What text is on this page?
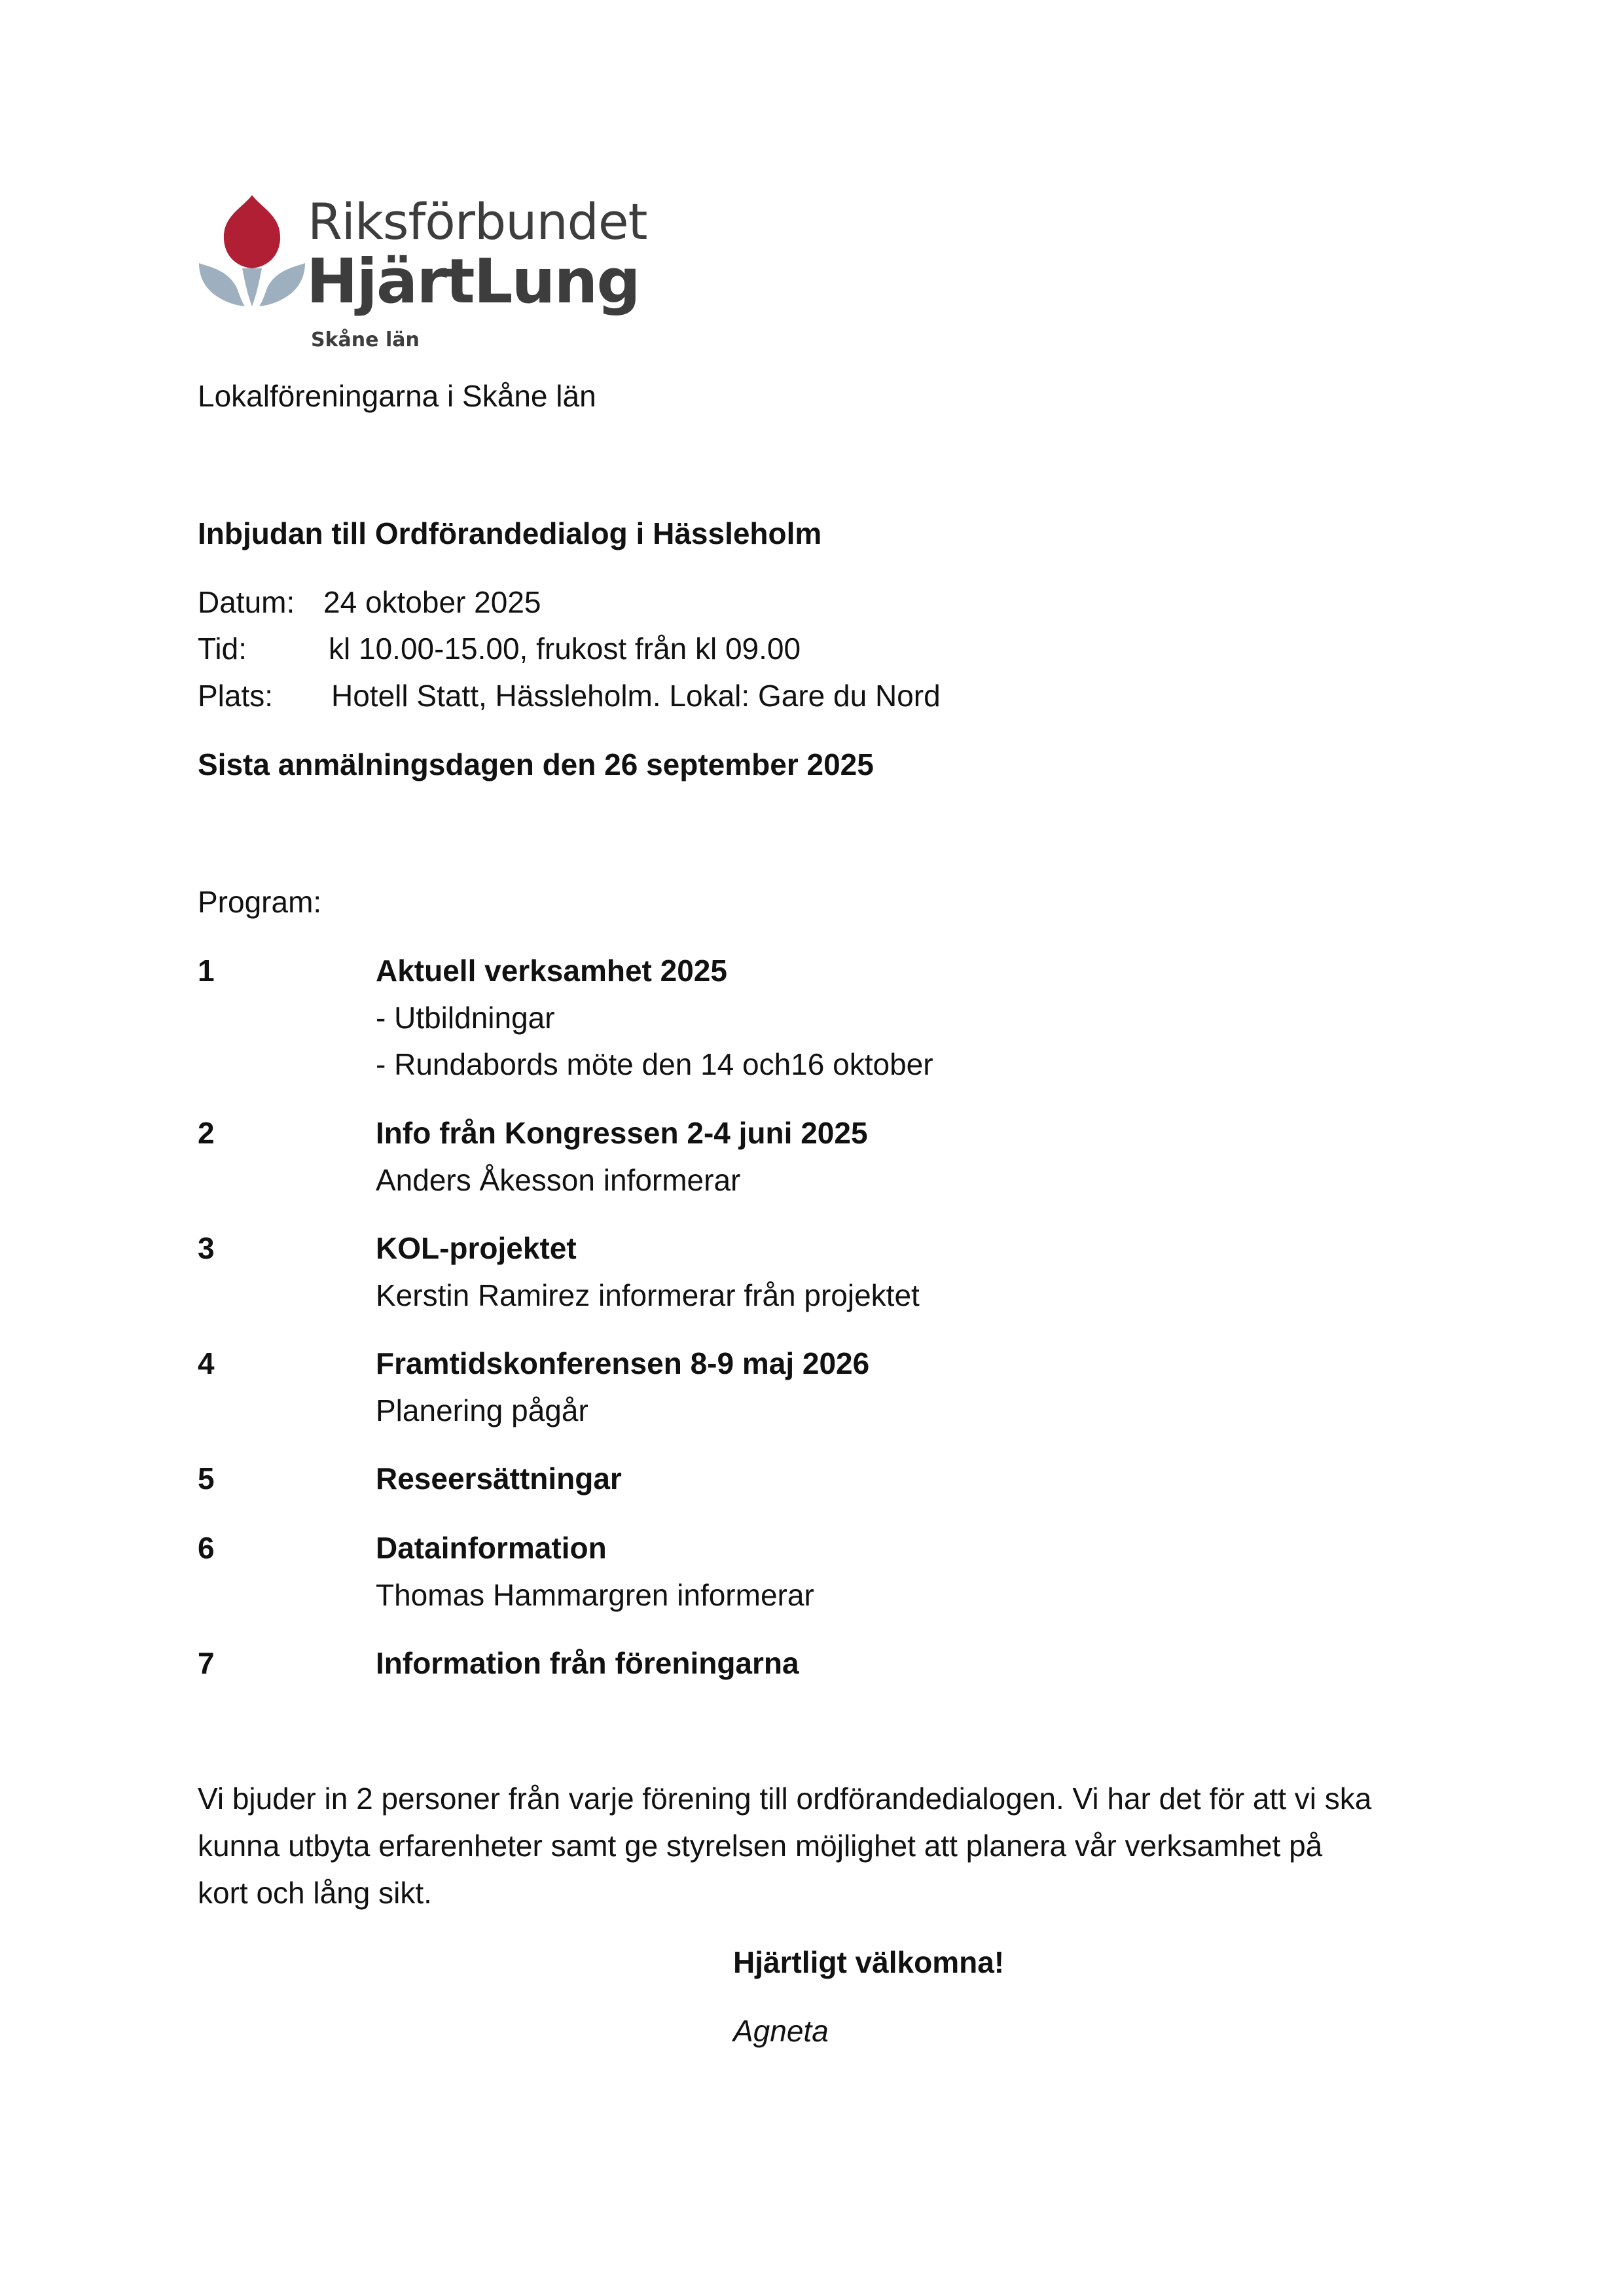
Riksförbundet
HjärtLung
Skåne län
Lokalföreningarna i Skåne län
Inbjudan till Ordförandedialog i Hässleholm
Datum: 24 oktober 2025
Tid:	kl 10.00-15.00, frukost från kl 09.00
Plats: Hotell Statt, Hässleholm. Lokal: Gare du Nord
Sista anmälningsdagen den 26 september 2025
Program:
1	Aktuell verksamhet 2025
- Utbildningar
- Rundabords möte den 14 och16 oktober
2	Info från Kongressen 2-4 juni 2025
Anders Åkesson informerar
3	KOL-projektet
Kerstin Ramirez informerar från projektet
4	Framtidskonferensen 8-9 maj 2026
Planering pågår
5	Reseersättningar
6	Datainformation
Thomas Hammargren informerar
7	Information från föreningarna

Vi bjuder in 2 personer från varje förening till ordförandedialogen. Vi har det för att vi ska

kunna utbyta erfarenheter samt ge styrelsen möjlighet att planera vår verksamhet på

kort och lång sikt.

Hjärtligt välkomna!
Agneta
